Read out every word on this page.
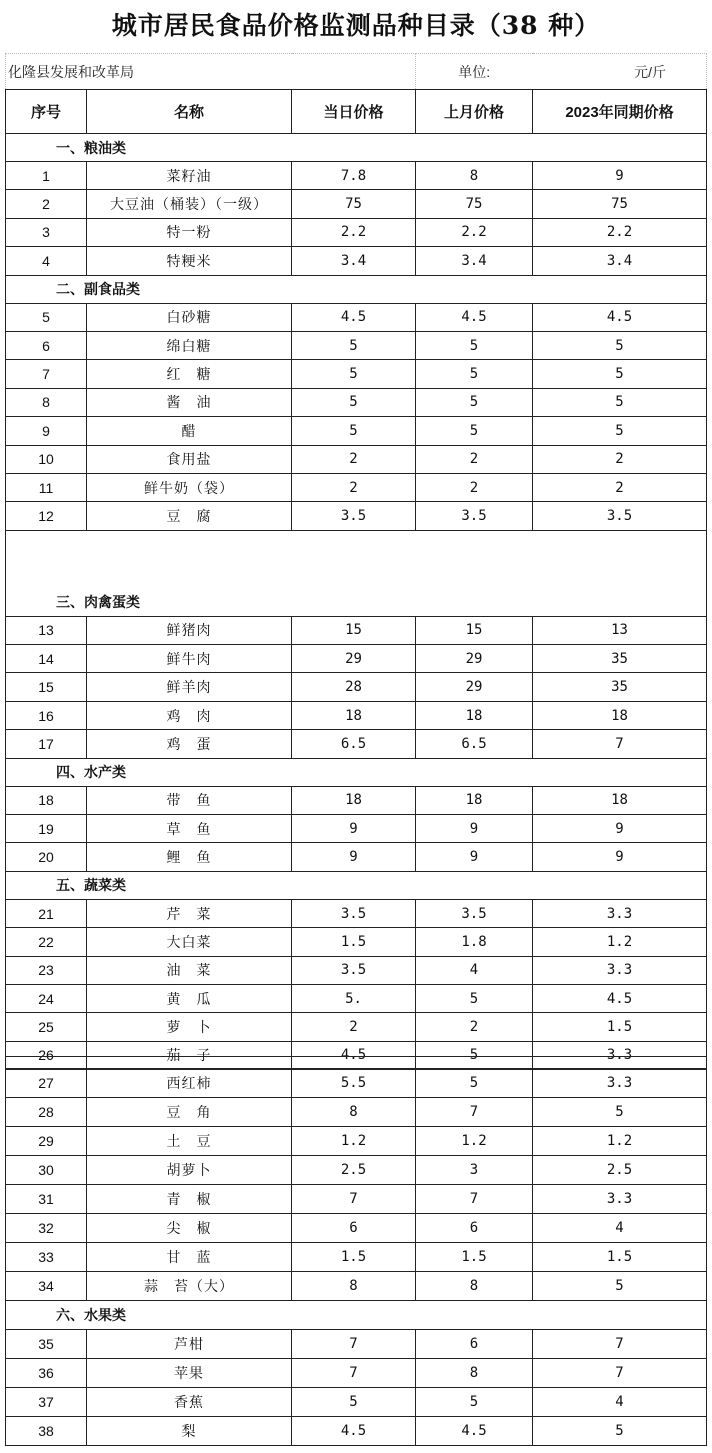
城市居民食品价格监测品种目录（38 种）
化隆县发展和改革局			单位:	元/斤
序号	名称	当日价格	上月价格	2023年同期价格
一、粮油类				
1	菜籽油	7.8	8	9
2	大豆油（桶装）（一级）	75	75	75
3	特一粉	2.2	2.2	2.2
4	特粳米	3.4	3.4	3.4
二、副食品类				
5	白砂糖	4.5	4.5	4.5
6	绵白糖	5	5	5
7	红　糖	5	5	5
8	酱　油	5	5	5
9	醋	5	5	5
10	食用盐	2	2	2
11	鲜牛奶（袋）	2	2	2
12	豆　腐	3.5	3.5	3.5
三、肉禽蛋类				
13	鲜猪肉	15	15	13
14	鲜牛肉	29	29	35
15	鲜羊肉	28	29	35
16	鸡　肉	18	18	18
17	鸡　蛋	6.5	6.5	7
四、水产类				
18	带　鱼	18	18	18
19	草　鱼	9	9	9
20	鲤　鱼	9	9	9
五、蔬菜类				
21	芹　菜	3.5	3.5	3.3
22	大白菜	1.5	1.8	1.2
23	油　菜	3.5	4	3.3
24	黄　瓜	5.	5	4.5
25	萝　卜	2	2	1.5
26	茄　子	4.5	5	3.3
27	西红柿	5.5	5	3.3
28	豆　角	8	7	5
29	土　豆	1.2	1.2	1.2
30	胡萝卜	2.5	3	2.5
31	青　椒	7	7	3.3
32	尖　椒	6	6	4
33	甘　蓝	1.5	1.5	1.5
34	蒜　苔（大）	8	8	5
六、水果类				
35	芦柑	7	6	7
36	苹果	7	8	7
37	香蕉	5	5	4
38	梨	4.5	4.5	5
